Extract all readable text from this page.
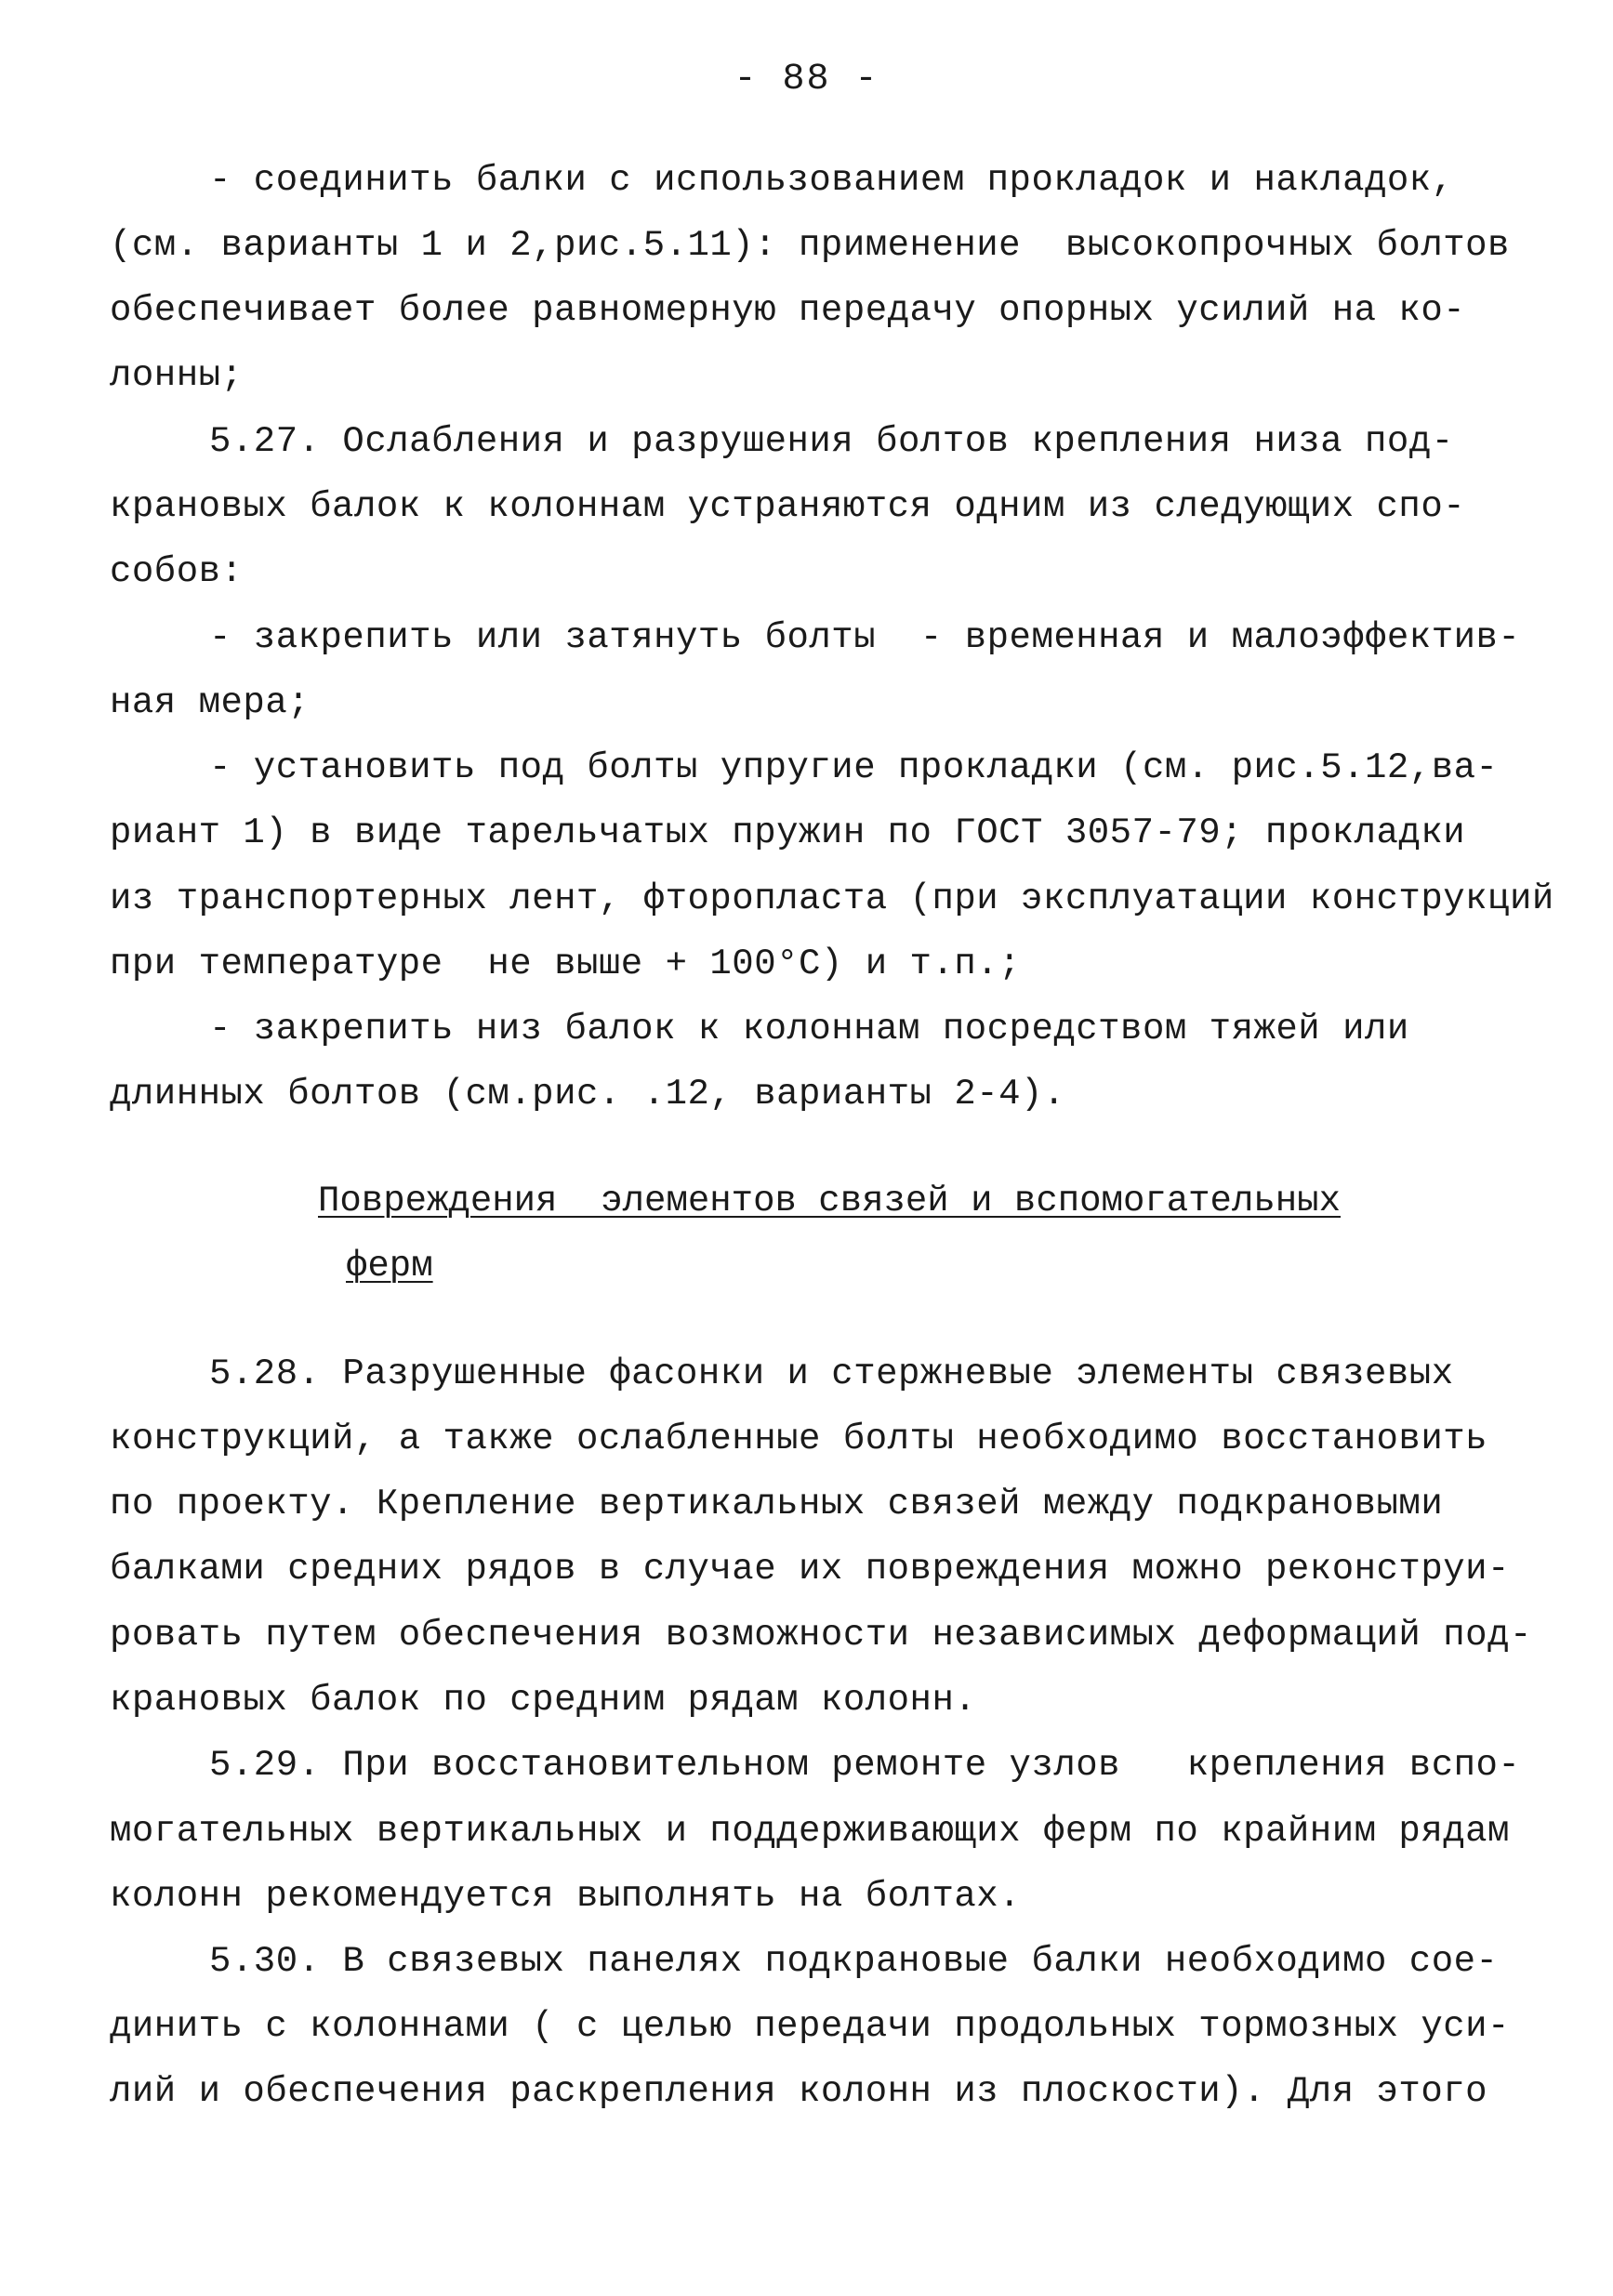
- 88 -
- соединить балки с использованием прокладок и накладок,
(см. варианты 1 и 2,рис.5.11): применение  высокопрочных болтов
обеспечивает более равномерную передачу опорных усилий на ко-
лонны;
5.27. Ослабления и разрушения болтов крепления низа под-
крановых балок к колоннам устраняются одним из следующих спо-
собов:
- закрепить или затянуть болты  - временная и малоэффектив-
ная мера;
- установить под болты упругие прокладки (см. рис.5.12,ва-
риант 1) в виде тарельчатых пружин по ГОСТ 3057-79; прокладки
из транспортерных лент, фторопласта (при эксплуатации конструкций
при температуре  не выше + 100°С) и т.п.;
- закрепить низ балок к колоннам посредством тяжей или
длинных болтов (см.рис. .12, варианты 2-4).
Повреждения  элементов связей и вспомогательных
ферм
5.28. Разрушенные фасонки и стержневые элементы связевых
конструкций, а также ослабленные болты необходимо восстановить
по проекту. Крепление вертикальных связей между подкрановыми
балками средних рядов в случае их повреждения можно реконструи-
ровать путем обеспечения возможности независимых деформаций под-
крановых балок по средним рядам колонн.
5.29. При восстановительном ремонте узлов   крепления вспо-
могательных вертикальных и поддерживающих ферм по крайним рядам
колонн рекомендуется выполнять на болтах.
5.30. В связевых панелях подкрановые балки необходимо сое-
динить с колоннами ( с целью передачи продольных тормозных уси-
лий и обеспечения раскрепления колонн из плоскости). Для этого
